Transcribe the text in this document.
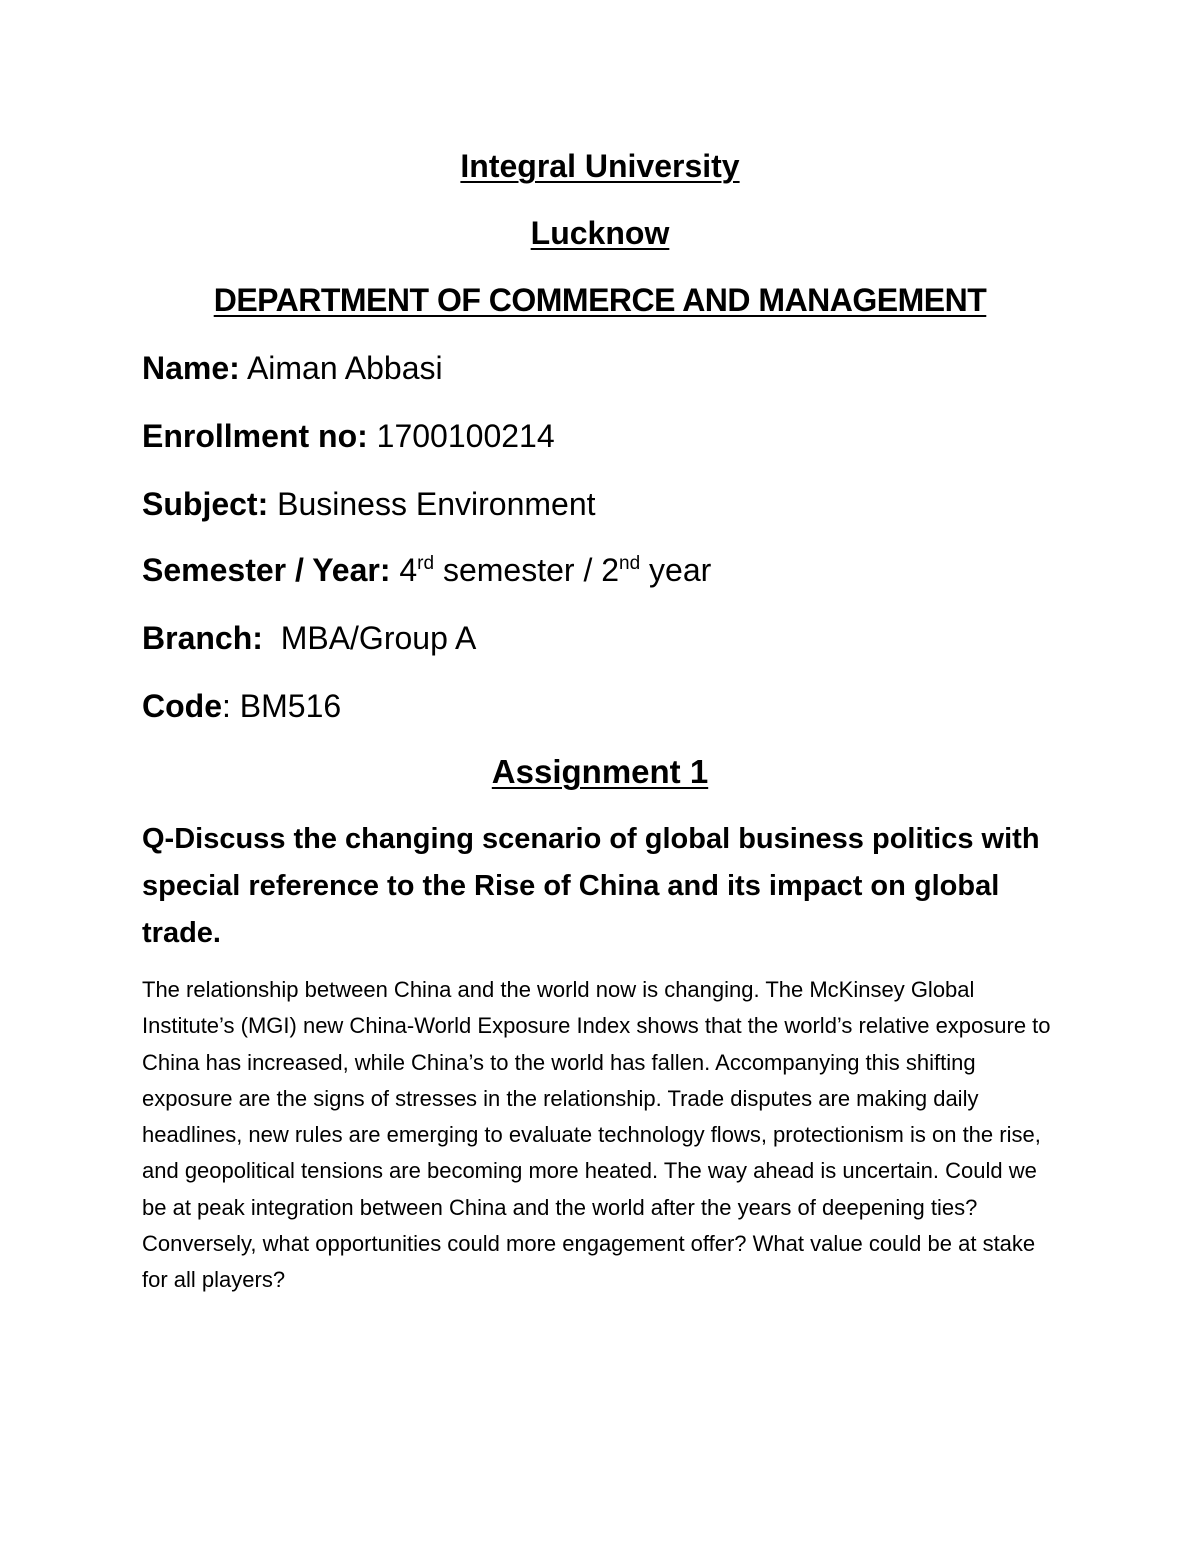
Integral University

Lucknow

DEPARTMENT OF COMMERCE AND MANAGEMENT

Name: Aiman Abbasi

Enrollment no: 1700100214

Subject: Business Environment

Semester / Year: 4rd semester / 2nd year

Branch:  MBA/Group A

Code: BM516

Assignment 1

Q-Discuss the changing scenario of global business politics with special reference to the Rise of China and its impact on global trade.

The relationship between China and the world now is changing. The McKinsey Global Institute’s (MGI) new China-World Exposure Index shows that the world’s relative exposure to China has increased, while China’s to the world has fallen. Accompanying this shifting exposure are the signs of stresses in the relationship. Trade disputes are making daily headlines, new rules are emerging to evaluate technology flows, protectionism is on the rise, and geopolitical tensions are becoming more heated. The way ahead is uncertain. Could we be at peak integration between China and the world after the years of deepening ties? Conversely, what opportunities could more engagement offer? What value could be at stake for all players?
